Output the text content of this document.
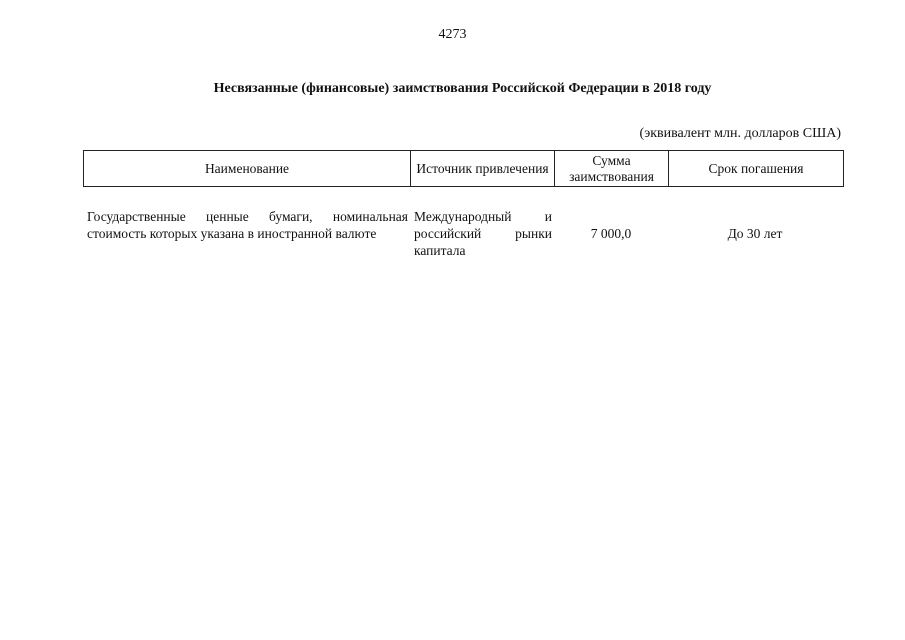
4273
Несвязанные (финансовые) заимствования Российской Федерации в 2018 году
(эквивалент млн. долларов США)
Наименование	Источник привлечения
Сумма заимствования
Срок погашения
Государственные ценные бумаги, номинальная стоимость которых указана в иностранной валюте
Международный и российский рынки капитала
7 000,0	До 30 лет
